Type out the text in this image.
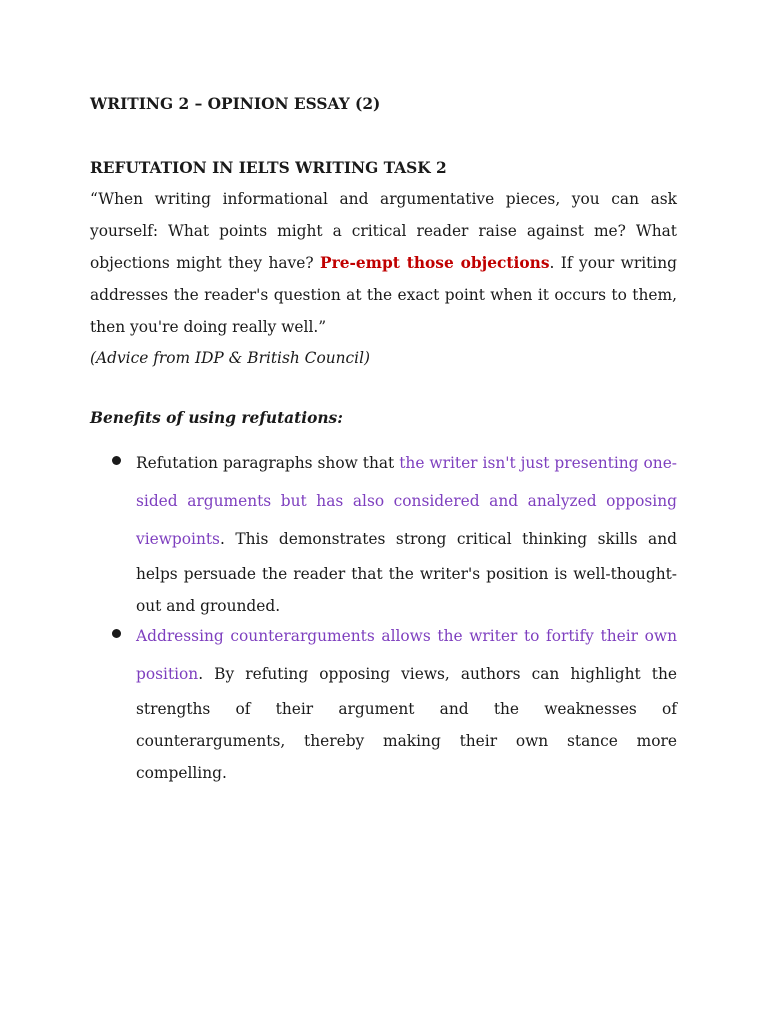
WRITING 2 – OPINION ESSAY (2)

REFUTATION IN IELTS WRITING TASK 2

“When writing informational and argumentative pieces, you can ask yourself: What points might a critical reader raise against me? What objections might they have? Pre-empt those objections. If your writing addresses the reader's question at the exact point when it occurs to them, then you're doing really well.”

(Advice from IDP & British Council)

Benefits of using refutations:

Refutation paragraphs show that the writer isn't just presenting one-sided arguments but has also considered and analyzed opposing viewpoints. This demonstrates strong critical thinking skills and helps persuade the reader that the writer's position is well-thought-out and grounded.

Addressing counterarguments allows the writer to fortify their own position. By refuting opposing views, authors can highlight the strengths of their argument and the weaknesses of counterarguments, thereby making their own stance more compelling.
